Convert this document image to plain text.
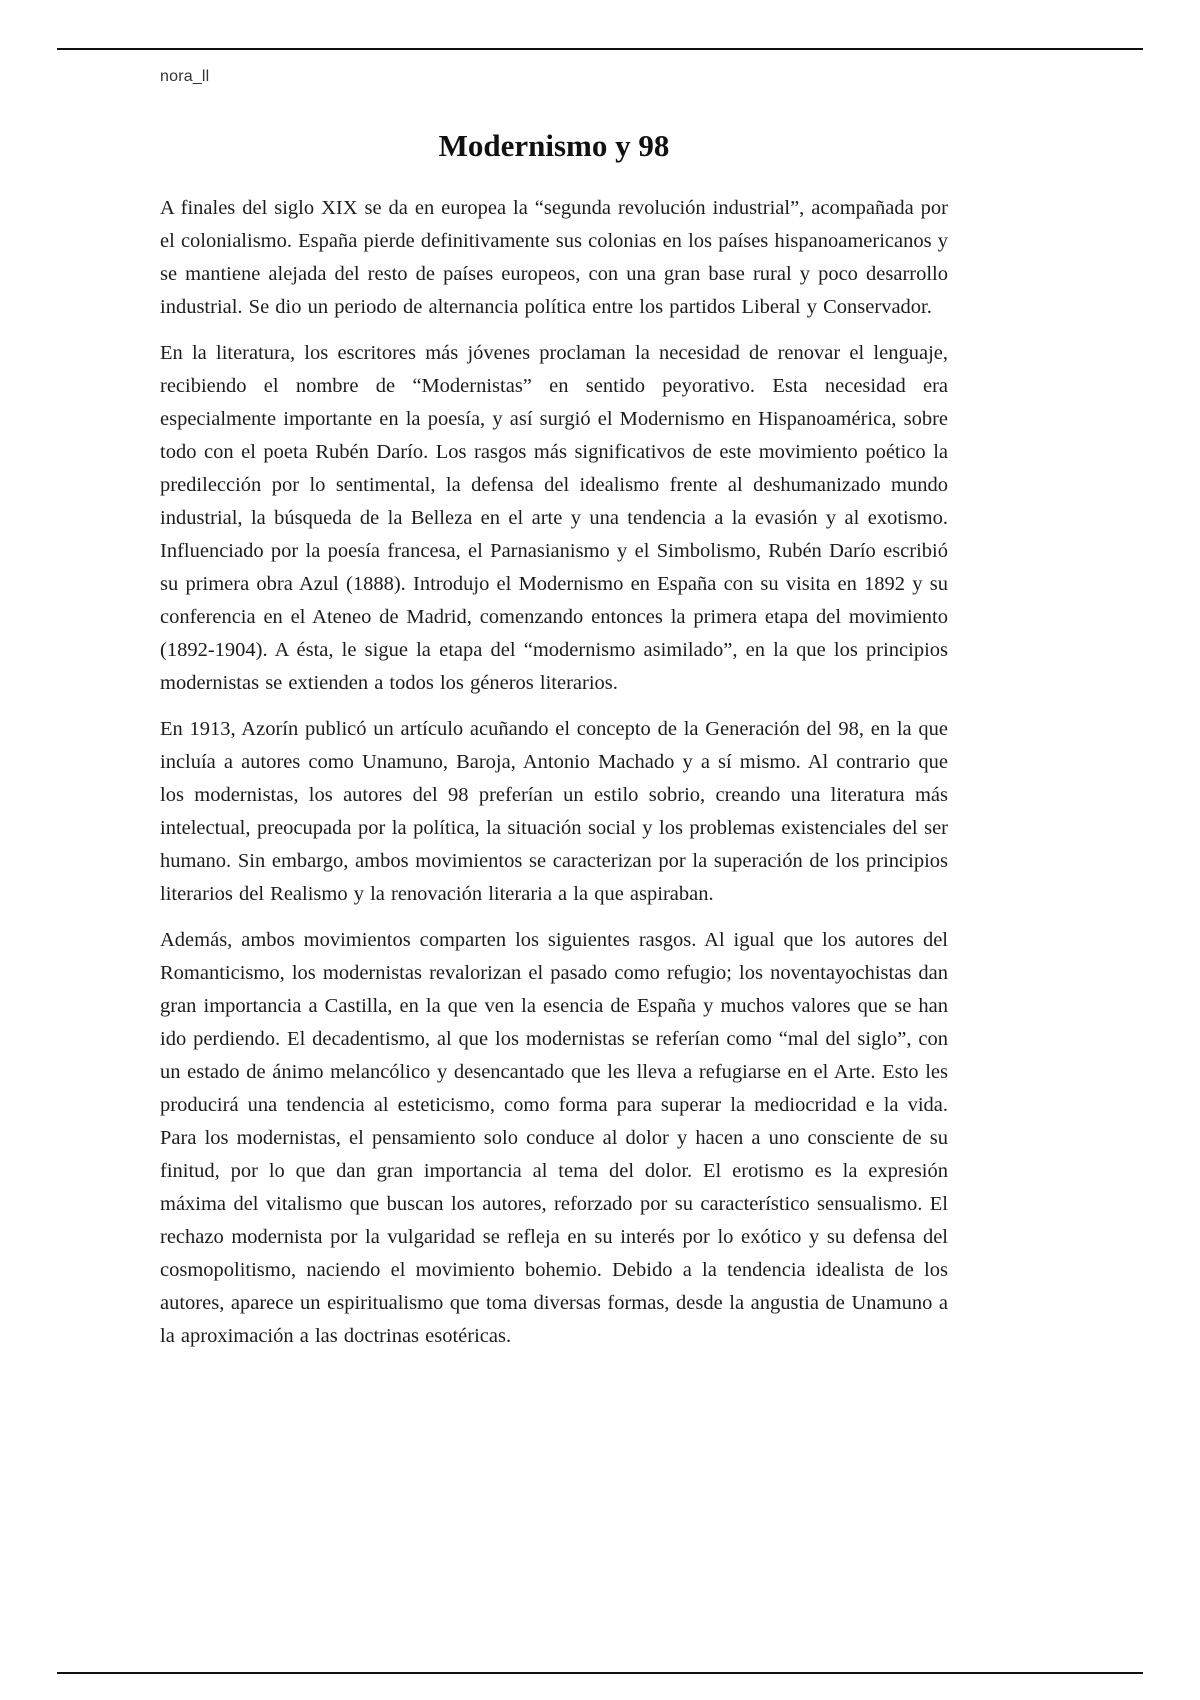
nora_ll
Modernismo y 98

A finales del siglo XIX se da en europea la “segunda revolución industrial”, acompañada por el colonialismo. España pierde definitivamente sus colonias en los países hispanoamericanos y se mantiene alejada del resto de países europeos, con una gran base rural y poco desarrollo industrial. Se dio un periodo de alternancia política entre los partidos Liberal y Conservador.

En la literatura, los escritores más jóvenes proclaman la necesidad de renovar el lenguaje, recibiendo el nombre de “Modernistas” en sentido peyorativo. Esta necesidad era especialmente importante en la poesía, y así surgió el Modernismo en Hispanoamérica, sobre todo con el poeta Rubén Darío. Los rasgos más significativos de este movimiento poético la predilección por lo sentimental, la defensa del idealismo frente al deshumanizado mundo industrial, la búsqueda de la Belleza en el arte y una tendencia a la evasión y al exotismo. Influenciado por la poesía francesa, el Parnasianismo y el Simbolismo, Rubén Darío escribió su primera obra Azul (1888). Introdujo el Modernismo en España con su visita en 1892 y su conferencia en el Ateneo de Madrid, comenzando entonces la primera etapa del movimiento (1892-1904). A ésta, le sigue la etapa del “modernismo asimilado”, en la que los principios modernistas se extienden a todos los géneros literarios.

En 1913, Azorín publicó un artículo acuñando el concepto de la Generación del 98, en la que incluía a autores como Unamuno, Baroja, Antonio Machado y a sí mismo. Al contrario que los modernistas, los autores del 98 preferían un estilo sobrio, creando una literatura más intelectual, preocupada por la política, la situación social y los problemas existenciales del ser humano. Sin embargo, ambos movimientos se caracterizan por la superación de los principios literarios del Realismo y la renovación literaria a la que aspiraban.

Además, ambos movimientos comparten los siguientes rasgos. Al igual que los autores del Romanticismo, los modernistas revalorizan el pasado como refugio; los noventayochistas dan gran importancia a Castilla, en la que ven la esencia de España y muchos valores que se han ido perdiendo. El decadentismo, al que los modernistas se referían como “mal del siglo”, con un estado de ánimo melancólico y desencantado que les lleva a refugiarse en el Arte. Esto les producirá una tendencia al esteticismo, como forma para superar la mediocridad e la vida. Para los modernistas, el pensamiento solo conduce al dolor y hacen a uno consciente de su finitud, por lo que dan gran importancia al tema del dolor. El erotismo es la expresión máxima del vitalismo que buscan los autores, reforzado por su característico sensualismo. El rechazo modernista por la vulgaridad se refleja en su interés por lo exótico y su defensa del cosmopolitismo, naciendo el movimiento bohemio. Debido a la tendencia idealista de los autores, aparece un espiritualismo que toma diversas formas, desde la angustia de Unamuno a la aproximación a las doctrinas esotéricas.
